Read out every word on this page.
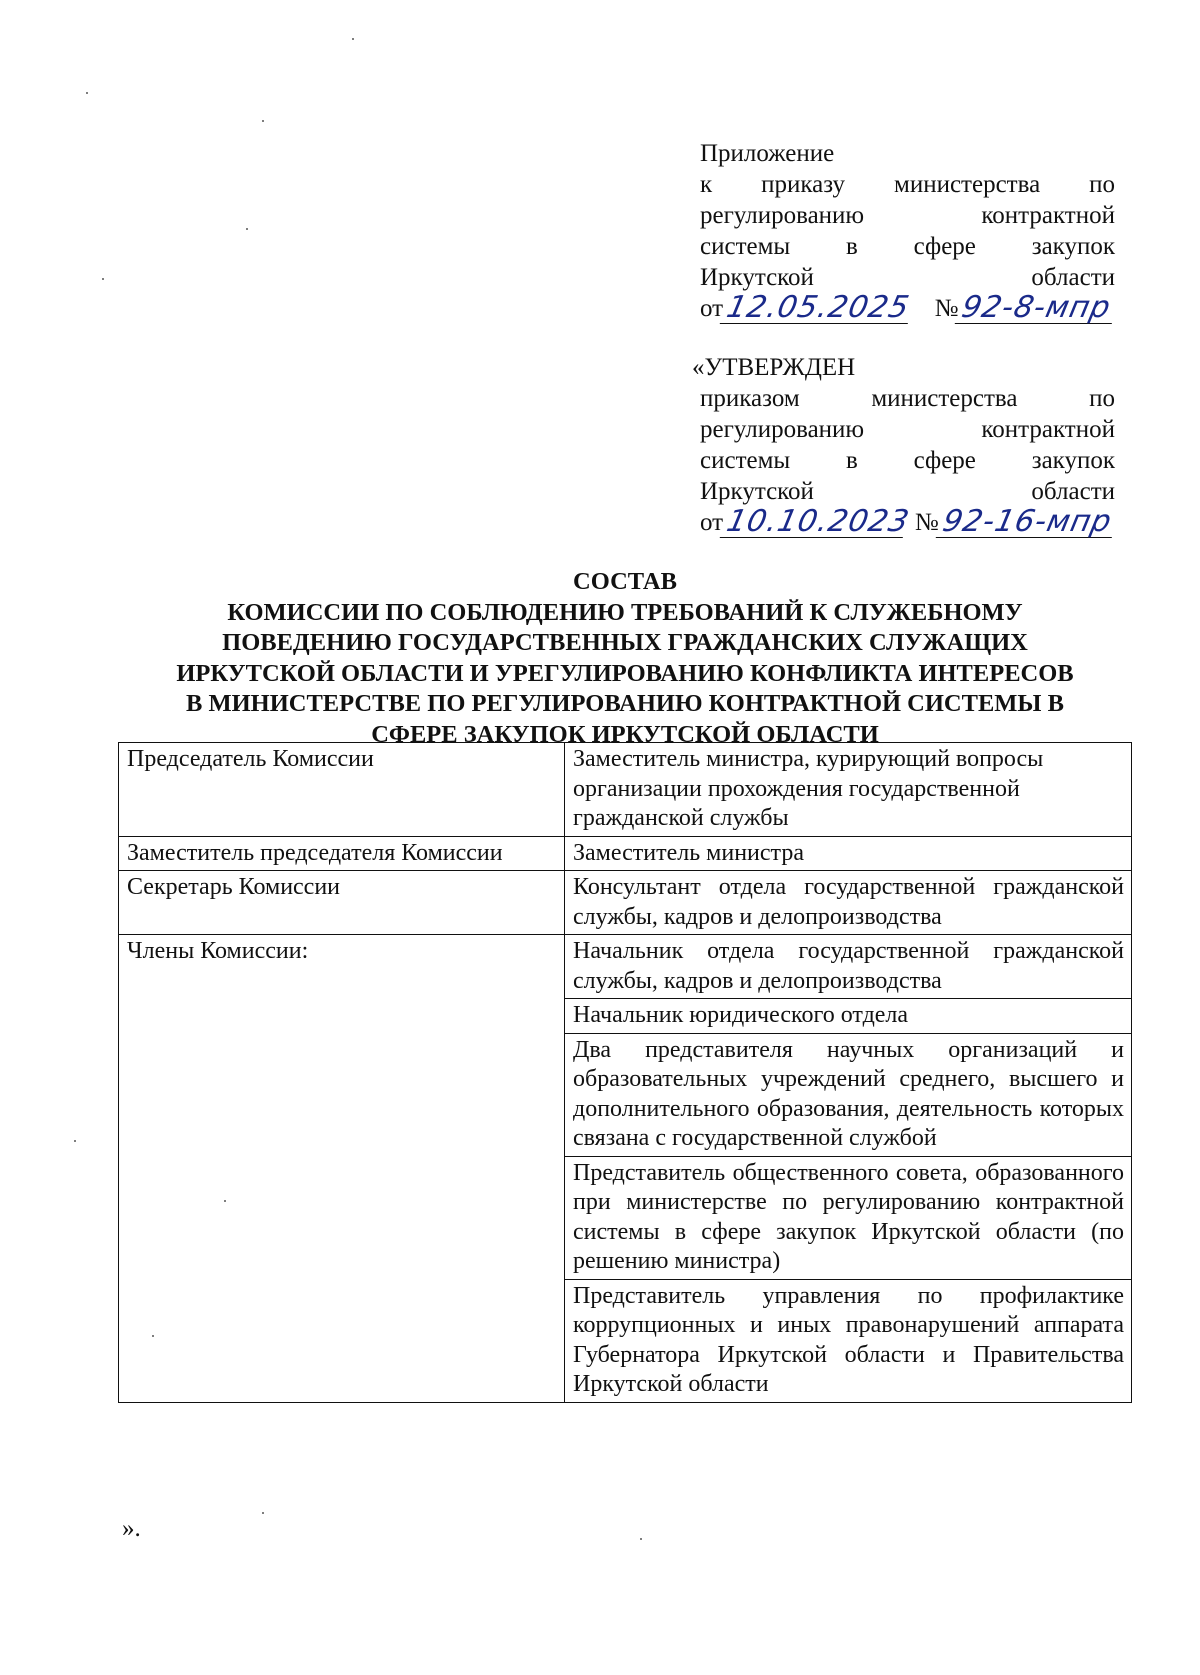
Приложение
к приказу министерства по
регулированию контрактной
системы в сфере закупок
Иркутской области
от 12.05.2025 № 92-8-мпр
«УТВЕРЖДЕН
приказом министерства по
регулированию контрактной
системы в сфере закупок
Иркутской области
от 10.10.2023 № 92-16-мпр
СОСТАВ
КОМИССИИ ПО СОБЛЮДЕНИЮ ТРЕБОВАНИЙ К СЛУЖЕБНОМУ
ПОВЕДЕНИЮ ГОСУДАРСТВЕННЫХ ГРАЖДАНСКИХ СЛУЖАЩИХ
ИРКУТСКОЙ ОБЛАСТИ И УРЕГУЛИРОВАНИЮ КОНФЛИКТА ИНТЕРЕСОВ
В МИНИСТЕРСТВЕ ПО РЕГУЛИРОВАНИЮ КОНТРАКТНОЙ СИСТЕМЫ В
СФЕРЕ ЗАКУПОК ИРКУТСКОЙ ОБЛАСТИ
Председатель Комиссии	Заместитель министра, курирующий вопросы организации прохождения государственной гражданской службы
Заместитель председателя Комиссии	Заместитель министра
Секретарь Комиссии	Консультант отдела государственной гражданской службы, кадров и делопроизводства
Члены Комиссии:	Начальник отдела государственной гражданской службы, кадров и делопроизводства
Начальник юридического отдела
Два представителя научных организаций и образовательных учреждений среднего, высшего и дополнительного образования, деятельность которых связана с государственной службой
Представитель общественного совета, образованного при министерстве по регулированию контрактной системы в сфере закупок Иркутской области (по решению министра)
Представитель управления по профилактике коррупционных и иных правонарушений аппарата Губернатора Иркутской области и Правительства Иркутской области
».
